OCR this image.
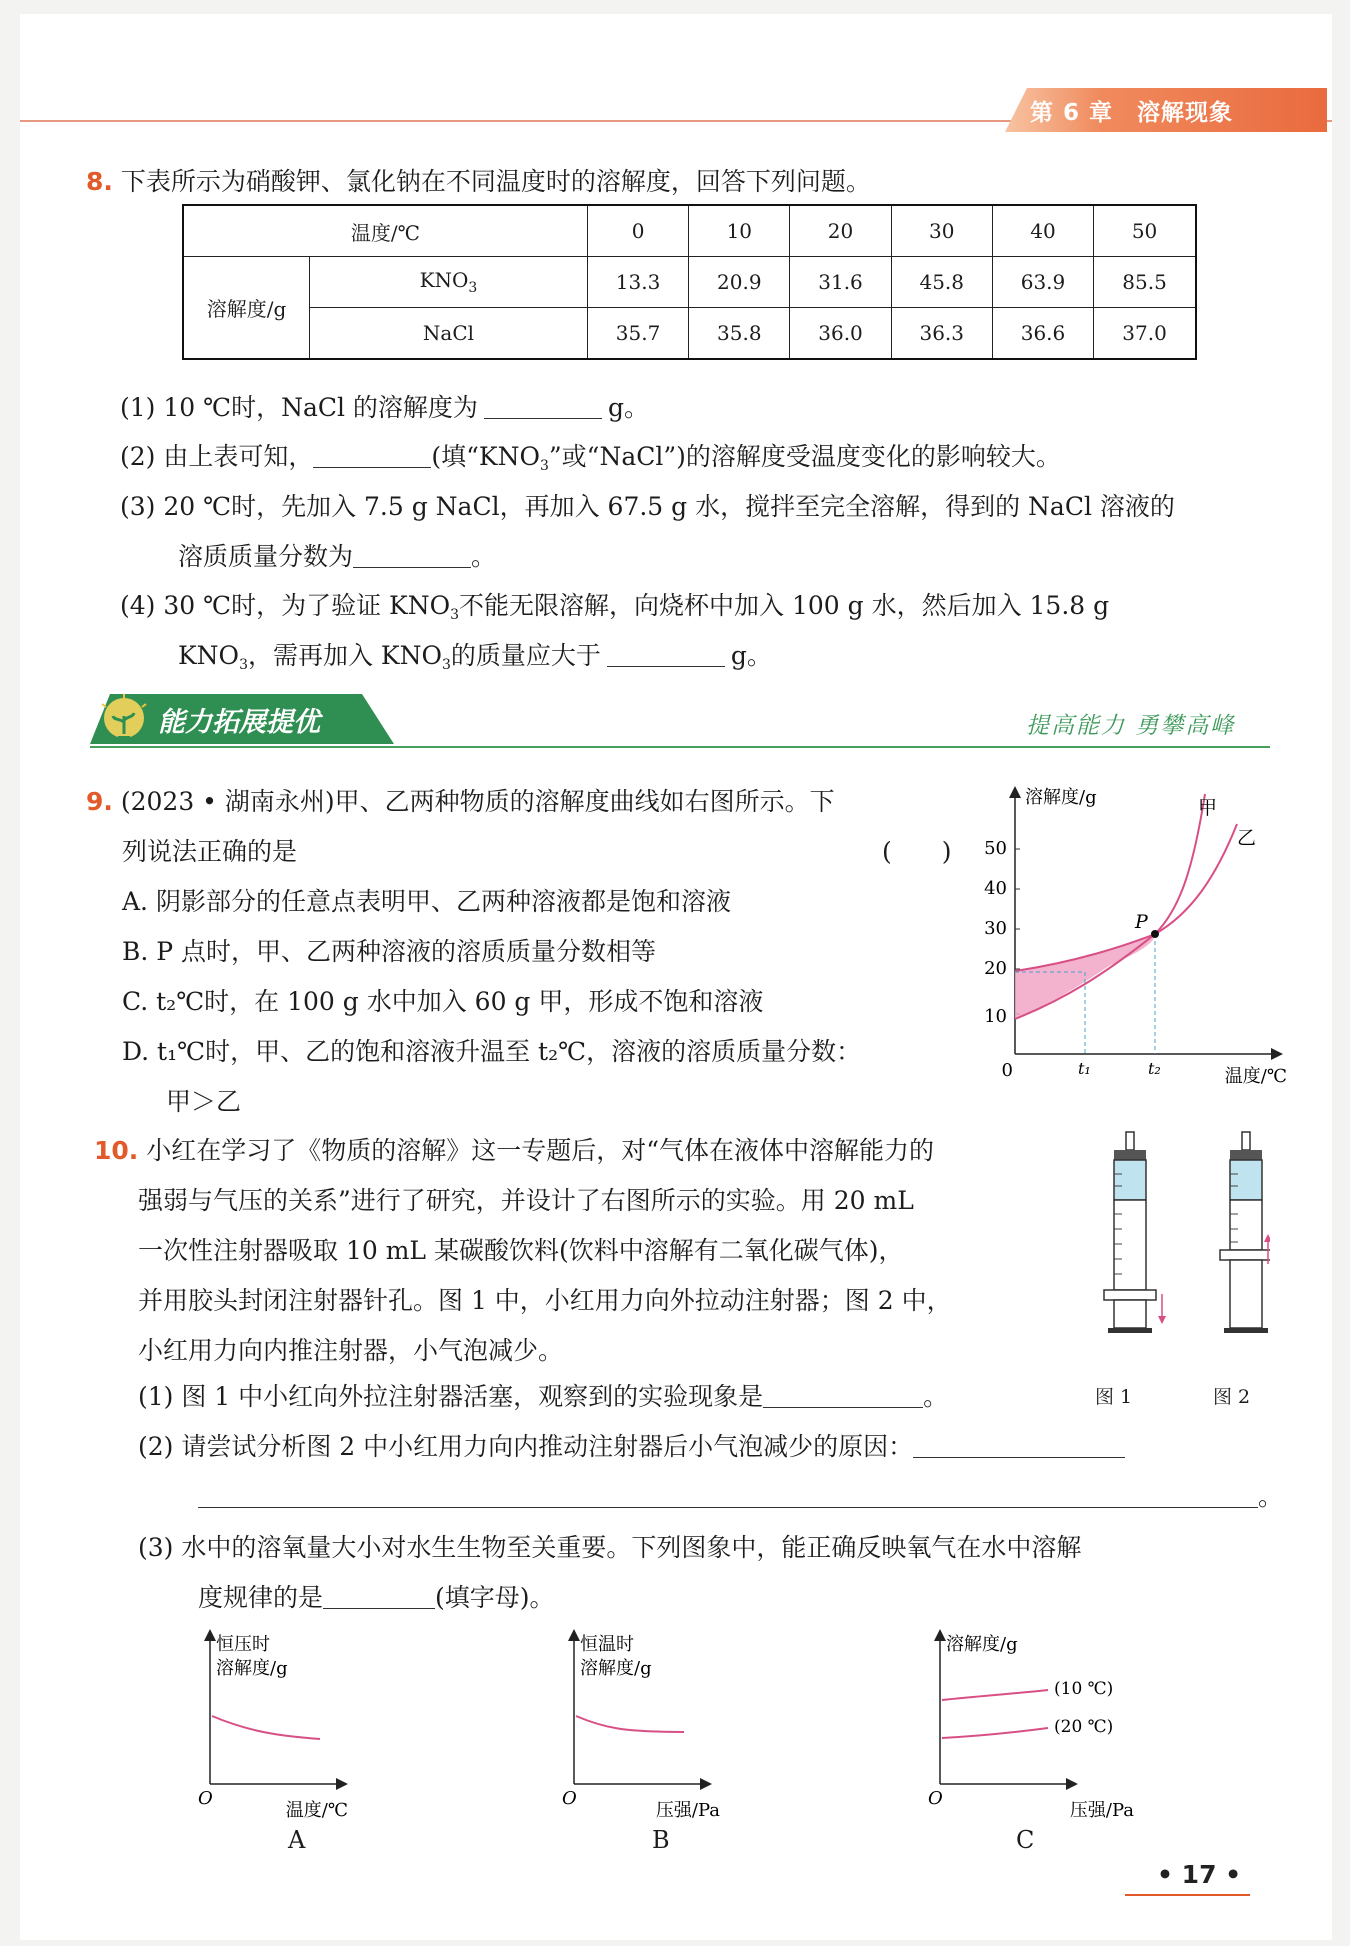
第 6 章　溶解现象
8. 下表所示为硝酸钾、氯化钠在不同温度时的溶解度，回答下列问题。
温度/℃		0	10	20	30	40	50
溶解度/g	$KNO_3$	13.3	20.9	31.6	45.8	63.9	85.5
	NaCl	35.7	35.8	36.0	36.3	36.6	37.0
(1) 10 ℃时，NaCl 的溶解度为	g。
(2) 由上表可知，	(填“$KNO_3$”或“NaCl”)的溶解度受温度变化的影响较大。
(3) 20 ℃时，先加入 7.5 g NaCl，再加入 67.5 g 水，搅拌至完全溶解，得到的 NaCl 溶液的
溶质质量分数为	。
(4) 30 ℃时，为了验证 $KNO_3$不能无限溶解，向烧杯中加入 100 g 水，然后加入 15.8 g
$KNO_3$，需再加入 $KNO_3$的质量应大于	g。
能力拓展提优	提高能力 勇攀高峰
9. (2023 • 湖南永州)甲、乙两种物质的溶解度曲线如右图所示。下
列说法正确的是	(　　)
A. 阴影部分的任意点表明甲、乙两种溶液都是饱和溶液
B. P 点时，甲、乙两种溶液的溶质质量分数相等
C. t₂℃时，在 100 g 水中加入 60 g 甲，形成不饱和溶液
D. t₁℃时，甲、乙的饱和溶液升温至 t₂℃，溶液的溶质质量分数：
甲＞乙
溶解度/g
50
40
30
20
10
0
P
甲
乙
t₁	t₂	温度/℃
10. 小红在学习了《物质的溶解》这一专题后，对“气体在液体中溶解能力的
强弱与气压的关系”进行了研究，并设计了右图所示的实验。用 20 mL
一次性注射器吸取 10 mL 某碳酸饮料(饮料中溶解有二氧化碳气体)，
并用胶头封闭注射器针孔。图 1 中，小红用力向外拉动注射器；图 2 中，
小红用力向内推注射器，小气泡减少。
图 1	图 2
(1) 图 1 中小红向外拉注射器活塞，观察到的实验现象是	。
(2) 请尝试分析图 2 中小红用力向内推动注射器后小气泡减少的原因：
。
(3) 水中的溶氧量大小对水生生物至关重要。下列图象中，能正确反映氧气在水中溶解
度规律的是	(填字母)。
恒压时
溶解度/g
O
温度/℃
A
恒温时
溶解度/g
O
压强/Pa
B
溶解度/g
(10 ℃)
(20 ℃)
O
压强/Pa
C
• 17 •
